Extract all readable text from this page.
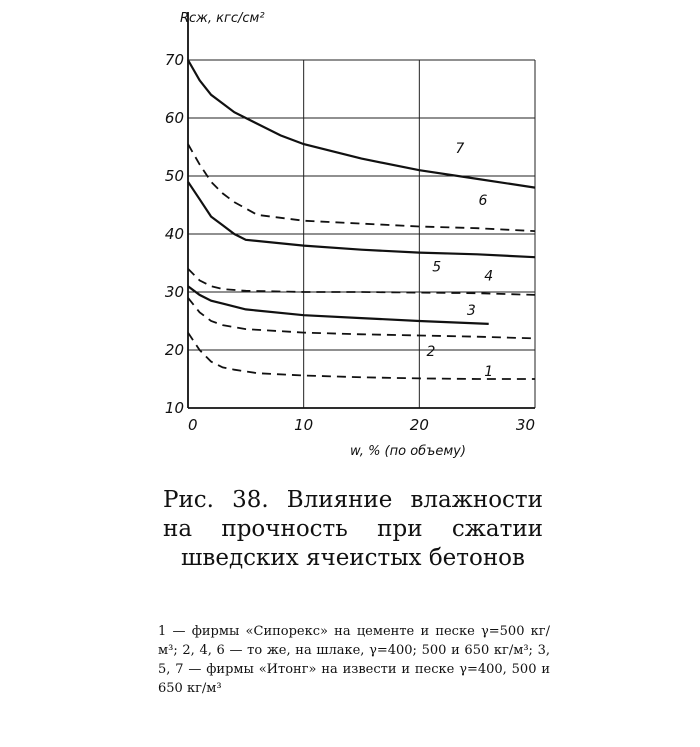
1
2
3
4
5
6
7
10
20
30
40
50
60
70
0	10	20	30
Rсж, кгс/см²
w, % (по объему)

Рис. 38. Влияние влажности на прочность при сжатии шведских ячеистых бетонов

1 — фирмы «Сипорекс» на цементе и песке γ=500 кг/м³; 2, 4, 6 — то же, на шлаке, γ=400; 500 и 650 кг/м³; 3, 5, 7 — фирмы «Итонг» на извести и песке γ=400, 500 и 650 кг/м³
